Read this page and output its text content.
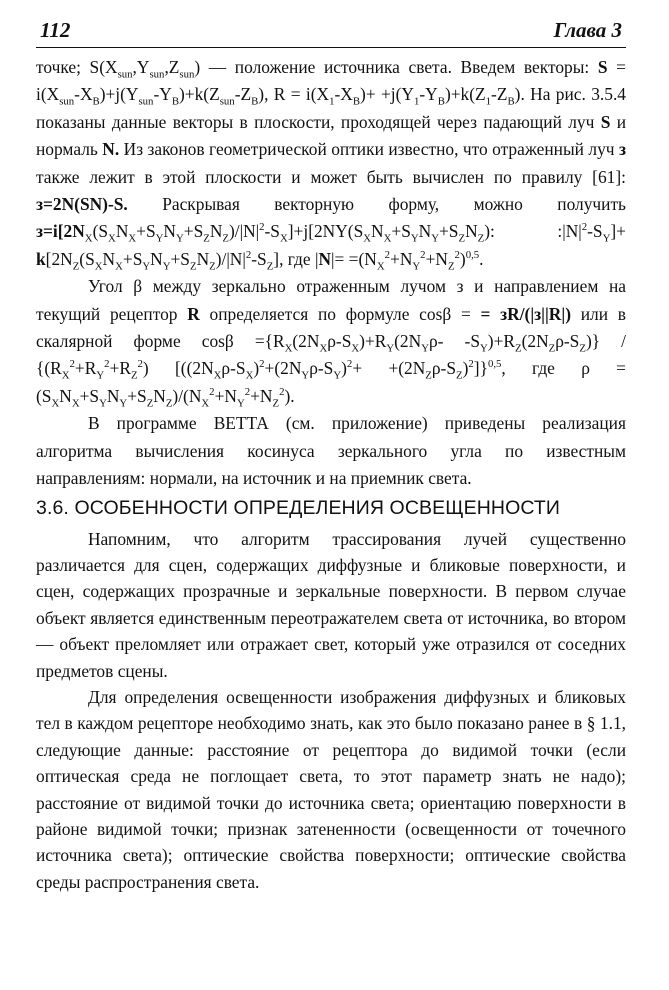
112	Глава 3

точке; $S(X_{sun},Y_{sun},Z_{sun})$ — положение источника света. Введем векторы: $S = i(X_{sun}-X_B)+j(Y_{sun}-Y_B)+k(Z_{sun}-Z_B)$, $R = i(X_1-X_B)+ +j(Y_1-Y_B)+k(Z_1-Z_B)$. На рис. 3.5.4 показаны данные векторы в плоскости, проходящей через падающий луч S и нормаль N. Из законов геометрической оптики известно, что отраженный луч з также лежит в этой плоскости и может быть вычислен по правилу [61]: з=2N(SN)-S. Раскрывая векторную форму, можно получить $з=i[2N_X(S_XN_X+S_YN_Y+S_ZN_Z)/|N|^2-S_X]+j[2NY(S_XN_X+S_YN_Y+S_ZN_Z)$:	$:|N|^2-S_Y]+ k[2N_Z(S_XN_X+S_YN_Y+S_ZN_Z)/|N|^2-S_Z]$, где $|N|= =(N_X^2+N_Y^2+N_Z^2)^{0,5}$.

Угол β между зеркально отраженным лучом з и направлением на текущий рецептор R определяется по формуле cosβ = = зR/(|з||R|) или в скалярной форме $\cos\beta =\{R_X(2N_X\rho-S_X)+R_Y(2N_Y\rho-$ $-S_Y)+R_Z(2N_Z\rho-S_Z)\} / \{(R_X^2+R_Y^2+R_Z^2)$ $[((2N_X\rho-S_X)^2+(2N_Y\rho-S_Y)^2+ +(2N_Z\rho-S_Z)^2]\}^{0,5}$, где $\rho = (S_XN_X+S_YN_Y+S_ZN_Z)/(N_X^2+N_Y^2+N_Z^2)$.

В программе ВЕТТА (см. приложение) приведены реализация алгоритма вычисления косинуса зеркального угла по известным направлениям: нормали, на источник и на приемник света.

3.6. ОСОБЕННОСТИ ОПРЕДЕЛЕНИЯ ОСВЕЩЕННОСТИ

Напомним, что алгоритм трассирования лучей существенно различается для сцен, содержащих диффузные и бликовые поверхности, и сцен, содержащих прозрачные и зеркальные поверхности. В первом случае объект является единственным переотражателем света от источника, во втором — объект преломляет или отражает свет, который уже отразился от соседних предметов сцены.

Для определения освещенности изображения диффузных и бликовых тел в каждом рецепторе необходимо знать, как это было показано ранее в § 1.1, следующие данные: расстояние от рецептора до видимой точки (если оптическая среда не поглощает света, то этот параметр знать не надо); расстояние от видимой точки до источника света; ориентацию поверхности в районе видимой точки; признак затененности (освещенности от точечного источника света); оптические свойства поверхности; оптические свойства среды распространения света.
